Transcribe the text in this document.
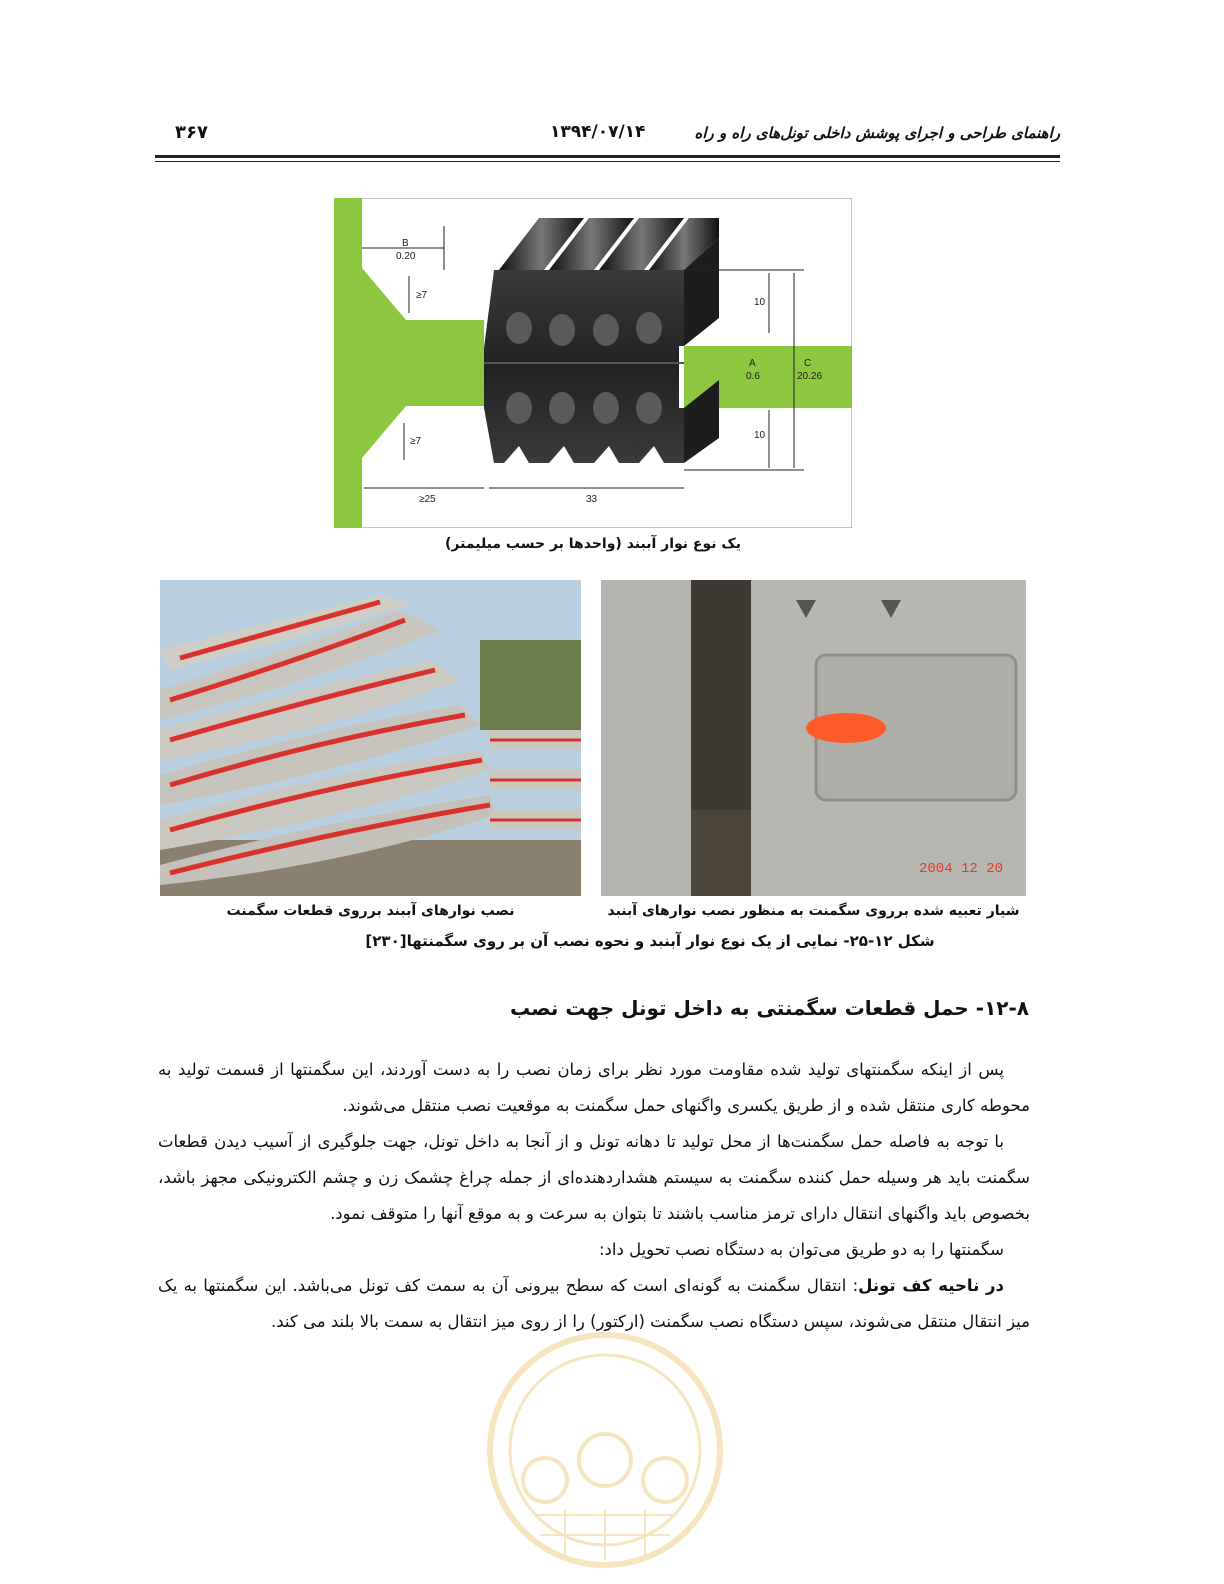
راهنمای طراحی و اجرای پوشش داخلی تونل‌های راه و راه
۱۳۹۴/۰۷/۱۴
۳۶۷
B
0.20
≥7
≥7
10
10
A
0.6
C
20.26
≥25	33
یک نوع نوار آببند (واحدها بر حسب میلیمتر)
نصب نوارهای آببند برروی قطعات سگمنت
2004 12 20
شیار تعبیه شده برروی سگمنت به منظور نصب نوارهای آبنبد
شکل ۱۲-۲۵- نمایی از یک نوع نوار آبنبد و نحوه نصب آن بر روی سگمنتها[۲۳۰]
۱۲-۸- حمل قطعات سگمنتی به داخل تونل جهت نصب

پس از اینکه سگمنتهای تولید شده مقاومت مورد نظر برای زمان نصب را به دست آوردند، این سگمنتها از قسمت تولید به محوطه کاری منتقل شده و از طریق یکسری واگنهای حمل سگمنت به موقعیت نصب منتقل می‌شوند.

با توجه به فاصله حمل سگمنت‌ها از محل تولید تا دهانه تونل و از آنجا به داخل تونل، جهت جلوگیری از آسیب دیدن قطعات سگمنت باید هر وسیله حمل کننده سگمنت به سیستم هشداردهنده‌ای از جمله چراغ چشمک زن و چشم الکترونیکی مجهز باشد، بخصوص باید واگنهای انتقال دارای ترمز مناسب باشند تا بتوان به سرعت و به موقع آنها را متوقف نمود.

سگمنتها را به دو طریق می‌توان به دستگاه نصب تحویل داد:

در ناحیه کف تونل: انتقال سگمنت به گونه‌ای است که سطح بیرونی آن به سمت کف تونل می‌باشد. این سگمنتها به یک میز انتقال منتقل می‌شوند، سپس دستگاه نصب سگمنت (ارکتور) را از روی میز انتقال به سمت بالا بلند می کند.
